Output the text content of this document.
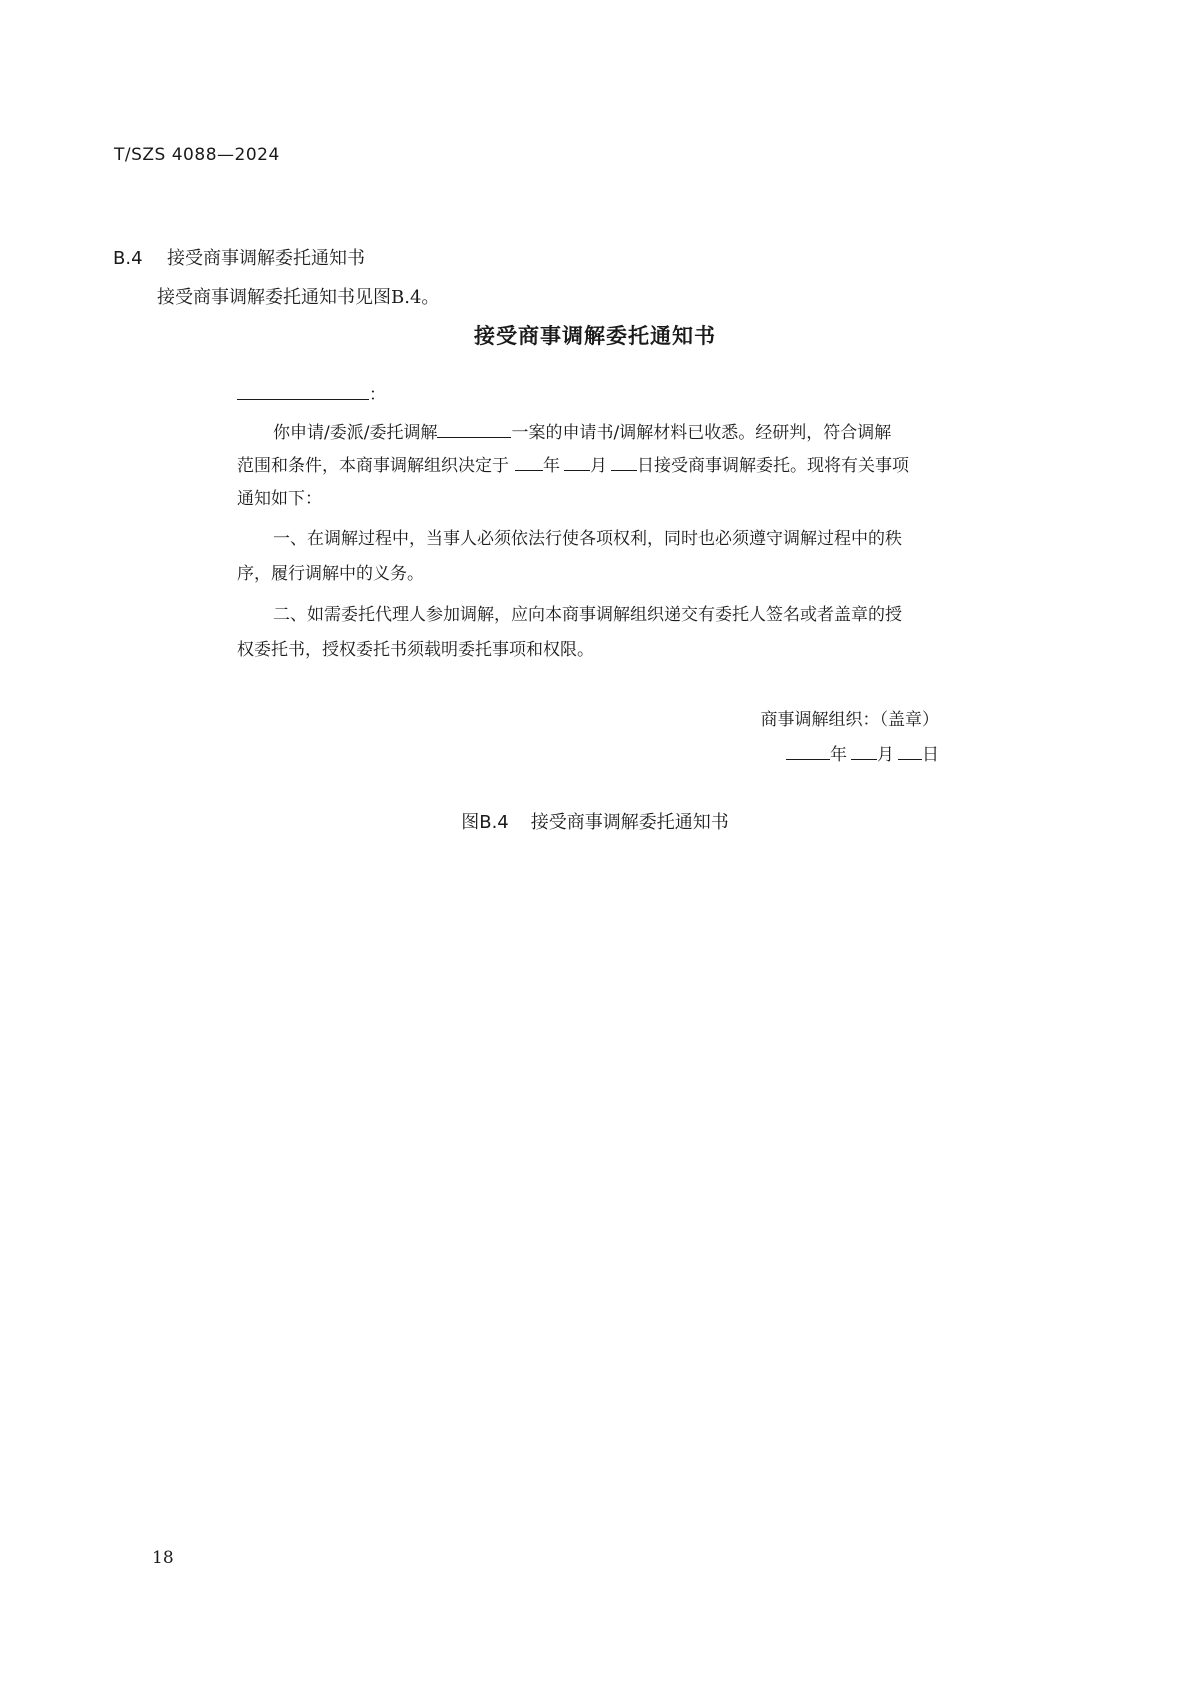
T/SZS 4088—2024
B.4 接受商事调解委托通知书
接受商事调解委托通知书见图B.4。
接受商事调解委托通知书
：
你申请/委派/委托调解	一案的申请书/调解材料已收悉。经研判，符合调解
范围和条件，本商事调解组织决定于 年 月 日接受商事调解委托。现将有关事项
通知如下：
一、在调解过程中，当事人必须依法行使各项权利，同时也必须遵守调解过程中的秩
序，履行调解中的义务。
二、如需委托代理人参加调解，应向本商事调解组织递交有委托人签名或者盖章的授
权委托书，授权委托书须载明委托事项和权限。
商事调解组织：（盖章）
年 月 日
图B.4 接受商事调解委托通知书
18
